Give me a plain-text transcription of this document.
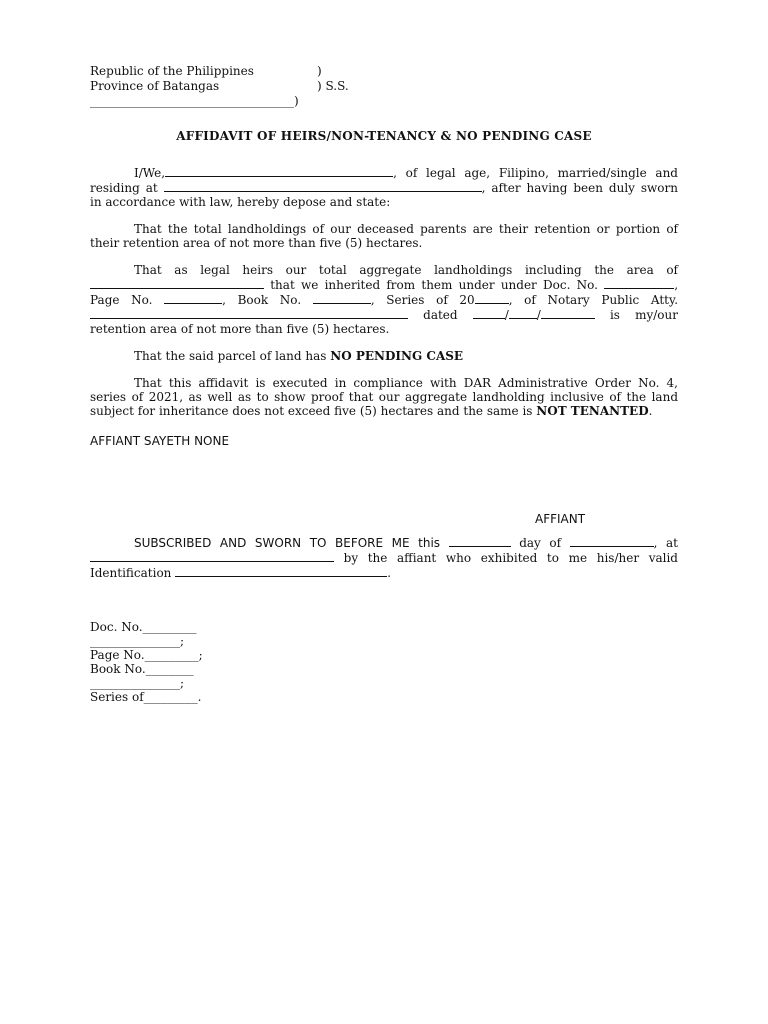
Republic of the Philippines	)
Province of Batangas	) S.S.
__________________________________)
AFFIDAVIT OF HEIRS/NON-TENANCY & NO PENDING CASE

I/We,	, of legal age, Filipino, married/single and residing at	, after having been duly sworn in accordance with law, hereby depose and state:

That the total landholdings of our deceased parents are their retention or portion of their retention area of not more than five (5) hectares.

That as legal heirs our total aggregate landholdings including the area of  that we inherited from them under under Doc. No.	, Page No.	, Book No.	, Series of 20	, of Notary Public Atty.  dated	/ /	is my/our retention area of not more than five (5) hectares.

That the said parcel of land has NO PENDING CASE

That this affidavit is executed in compliance with DAR Administrative Order No. 4, series of 2021, as well as to show proof that our aggregate landholding inclusive of the land subject for inheritance does not exceed five (5) hectares and the same is NOT TENANTED.

AFFIANT SAYETH NONE
AFFIANT

SUBSCRIBED AND SWORN TO BEFORE ME this	day of	, at  by the affiant who exhibited to me his/her valid Identification	.

Doc. No._________
_______________;
Page No._________;
Book No.________
_______________;
Series of_________.
